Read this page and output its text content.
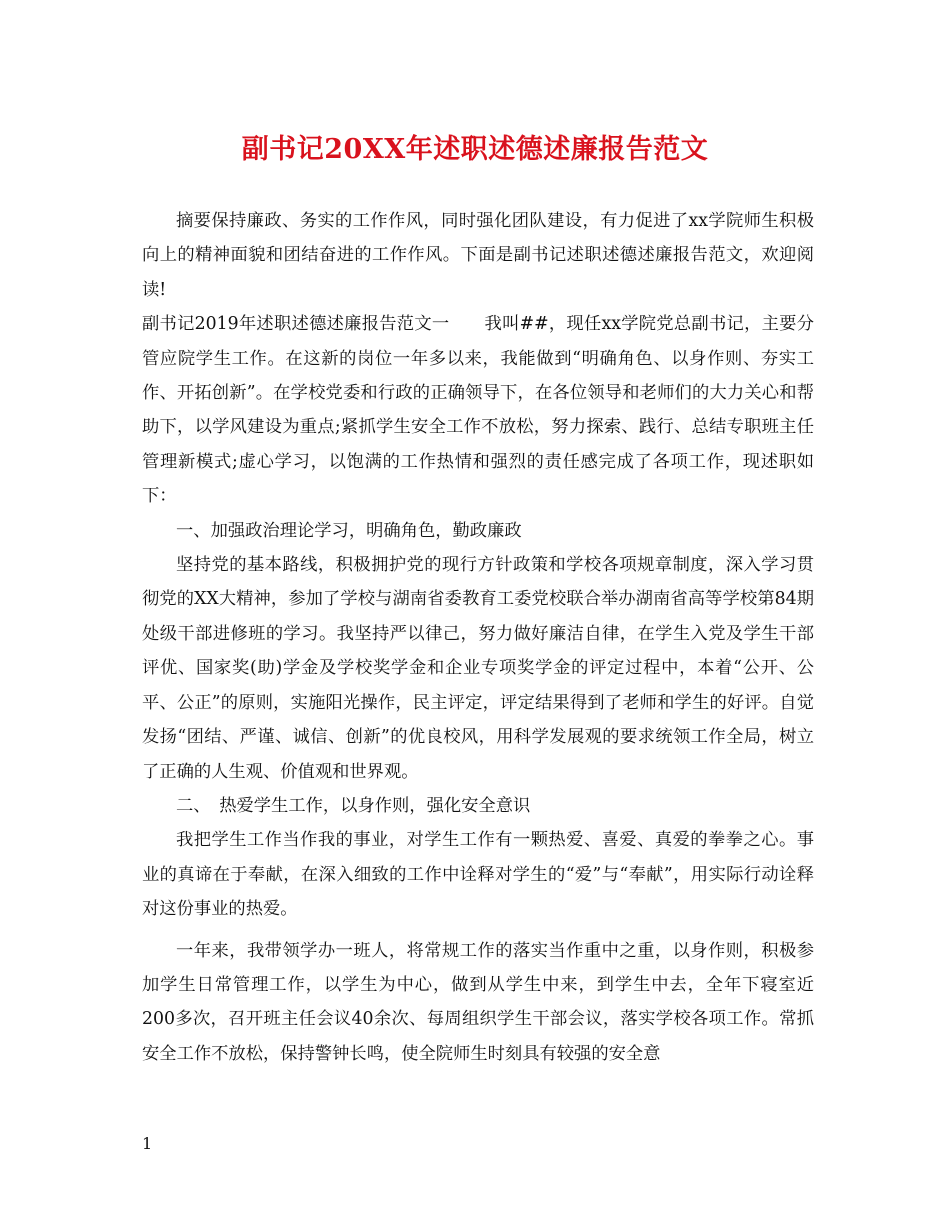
副书记20XX年述职述德述廉报告范文

摘要保持廉政、务实的工作作风，同时强化团队建设，有力促进了xx学院师生积极向上的精神面貌和团结奋进的工作作风。下面是副书记述职述德述廉报告范文，欢迎阅读!

副书记2019年述职述德述廉报告范文一　　我叫##，现任xx学院党总副书记，主要分管应院学生工作。在这新的岗位一年多以来，我能做到“明确角色、以身作则、夯实工作、开拓创新”。在学校党委和行政的正确领导下，在各位领导和老师们的大力关心和帮助下，以学风建设为重点;紧抓学生安全工作不放松，努力探索、践行、总结专职班主任管理新模式;虚心学习，以饱满的工作热情和强烈的责任感完成了各项工作，现述职如下：

一、加强政治理论学习，明确角色，勤政廉政

坚持党的基本路线，积极拥护党的现行方针政策和学校各项规章制度，深入学习贯彻党的XX大精神，参加了学校与湖南省委教育工委党校联合举办湖南省高等学校第84期处级干部进修班的学习。我坚持严以律己，努力做好廉洁自律，在学生入党及学生干部评优、国家奖(助)学金及学校奖学金和企业专项奖学金的评定过程中，本着“公开、公平、公正”的原则，实施阳光操作，民主评定，评定结果得到了老师和学生的好评。自觉发扬“团结、严谨、诚信、创新”的优良校风，用科学发展观的要求统领工作全局，树立了正确的人生观、价值观和世界观。

二、　热爱学生工作，以身作则，强化安全意识

我把学生工作当作我的事业，对学生工作有一颗热爱、喜爱、真爱的拳拳之心。事业的真谛在于奉献，在深入细致的工作中诠释对学生的“爱”与“奉献”，用实际行动诠释对这份事业的热爱。

一年来，我带领学办一班人，将常规工作的落实当作重中之重，以身作则，积极参加学生日常管理工作，以学生为中心，做到从学生中来，到学生中去，全年下寝室近200多次，召开班主任会议40余次、每周组织学生干部会议，落实学校各项工作。常抓安全工作不放松，保持警钟长鸣，使全院师生时刻具有较强的安全意

1
